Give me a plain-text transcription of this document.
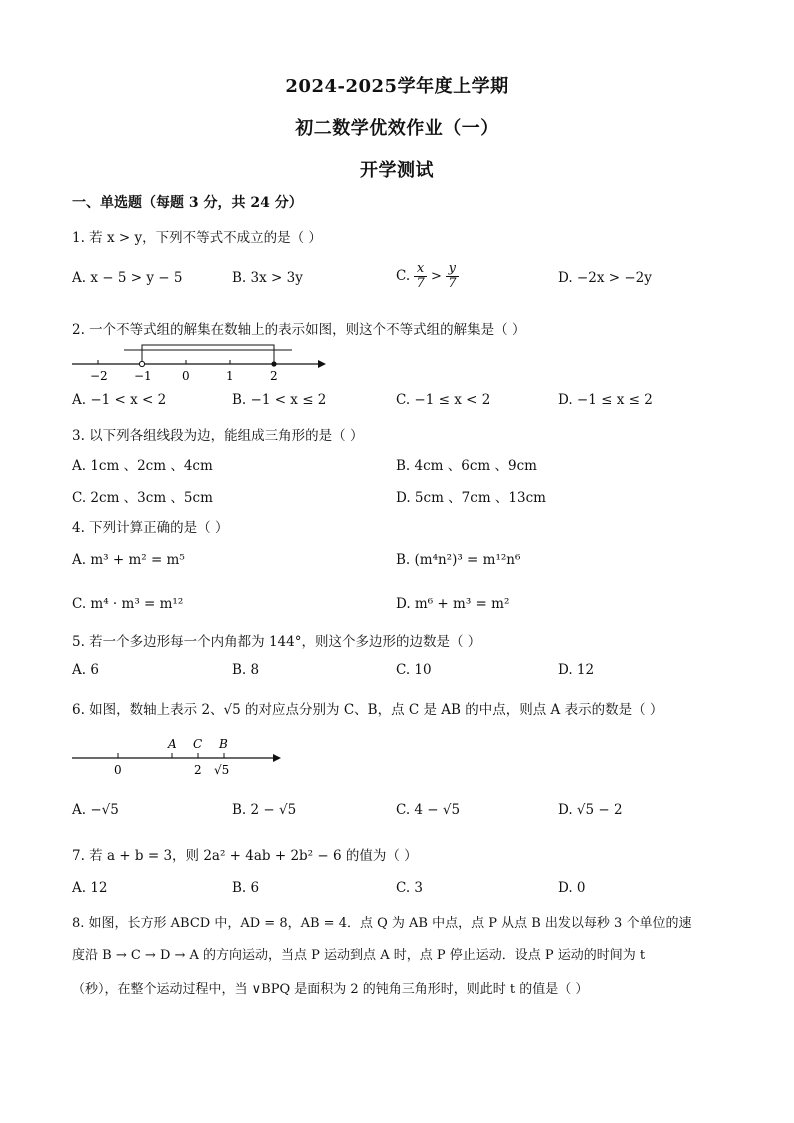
2024-2025学年度上学期
初二数学优效作业（一）
开学测试
一、单选题（每题 3 分，共 24 分）
1. 若 x > y，下列不等式不成立的是（ ）
A. x − 5 > y − 5	B. 3x > 3y	C. $\frac{x}{7} > \frac{y}{7}$	D. −2x > −2y
2. 一个不等式组的解集在数轴上的表示如图，则这个不等式组的解集是（ ）
−2 −1	0	1	2
A. −1 < x < 2	B. −1 < x ≤ 2	C. −1 ≤ x < 2	D. −1 ≤ x ≤ 2
3. 以下列各组线段为边，能组成三角形的是（ ）
A. 1cm 、2cm 、4cm	B. 4cm 、6cm 、9cm
C. 2cm 、3cm 、5cm	D. 5cm 、7cm 、13cm
4. 下列计算正确的是（ ）
A. m³ + m² = m⁵	B. (m⁴n²)³ = m¹²n⁶
C. m⁴ · m³ = m¹²	D. m⁶ + m³ = m²
5. 若一个多边形每一个内角都为 144°，则这个多边形的边数是（ ）
A. 6	B. 8	C. 10	D. 12
6. 如图，数轴上表示 2、√5 的对应点分别为 C、B，点 C 是 AB 的中点，则点 A 表示的数是（ ）
A C B
0	2 √5
A. −√5	B. 2 − √5	C. 4 − √5	D. √5 − 2
7. 若 a + b = 3，则 2a² + 4ab + 2b² − 6 的值为（ ）
A. 12	B. 6	C. 3	D. 0
8. 如图，长方形 ABCD 中，AD = 8，AB = 4．点 Q 为 AB 中点，点 P 从点 B 出发以每秒 3 个单位的速
度沿 B → C → D → A 的方向运动，当点 P 运动到点 A 时，点 P 停止运动．设点 P 运动的时间为 t
（秒），在整个运动过程中，当 ∨BPQ 是面积为 2 的钝角三角形时，则此时 t 的值是（ ）
